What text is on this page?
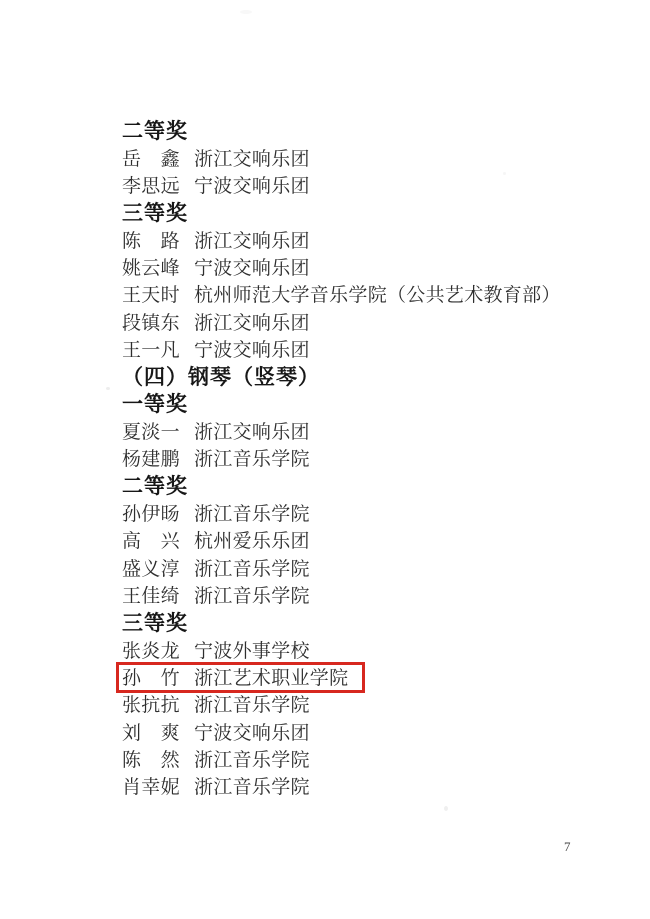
二等奖
岳　鑫 浙江交响乐团
李思远 宁波交响乐团
三等奖
陈　路 浙江交响乐团
姚云峰 宁波交响乐团
王天时 杭州师范大学音乐学院（公共艺术教育部）
段镇东 浙江交响乐团
王一凡 宁波交响乐团
（四）钢琴（竖琴）
一等奖
夏淡一 浙江交响乐团
杨建鹏 浙江音乐学院
二等奖
孙伊旸 浙江音乐学院
高　兴 杭州爱乐乐团
盛义淳 浙江音乐学院
王佳绮 浙江音乐学院
三等奖
张炎龙 宁波外事学校
孙　竹 浙江艺术职业学院
张抗抗 浙江音乐学院
刘　爽 宁波交响乐团
陈　然 浙江音乐学院
肖幸妮 浙江音乐学院
7
